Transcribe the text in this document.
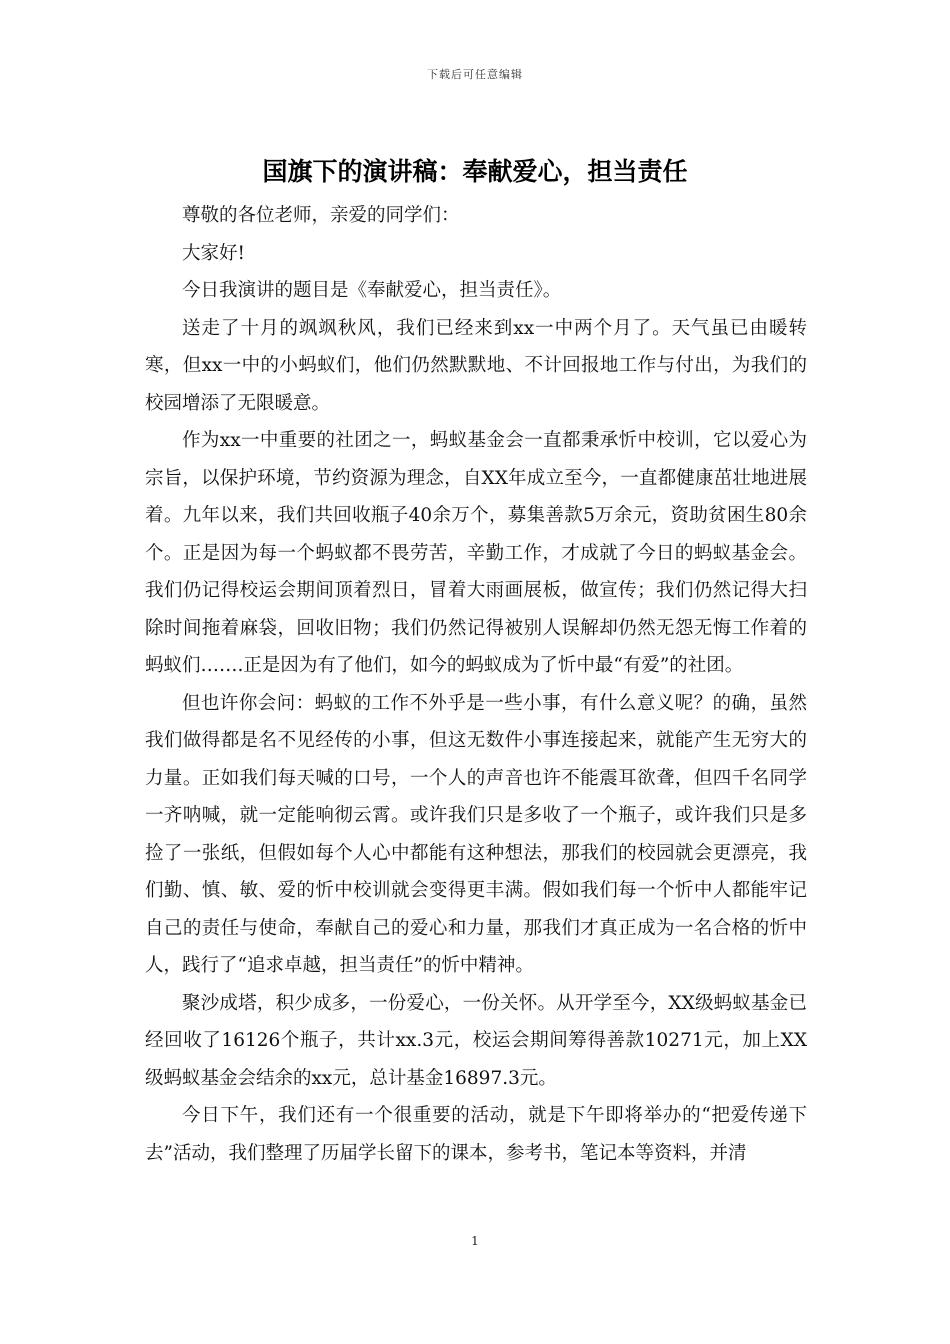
下载后可任意编辑
国旗下的演讲稿：奉献爱心，担当责任

尊敬的各位老师，亲爱的同学们：

大家好!

今日我演讲的题目是《奉献爱心，担当责任》。

送走了十月的飒飒秋风，我们已经来到xx一中两个月了。天气虽已由暖转寒，但xx一中的小蚂蚁们，他们仍然默默地、不计回报地工作与付出，为我们的校园增添了无限暖意。

作为xx一中重要的社团之一，蚂蚁基金会一直都秉承忻中校训，它以爱心为宗旨，以保护环境，节约资源为理念，自XX年成立至今，一直都健康茁壮地进展着。九年以来，我们共回收瓶子40余万个，募集善款5万余元，资助贫困生80余个。正是因为每一个蚂蚁都不畏劳苦，辛勤工作，才成就了今日的蚂蚁基金会。我们仍记得校运会期间顶着烈日，冒着大雨画展板，做宣传；我们仍然记得大扫除时间拖着麻袋，回收旧物；我们仍然记得被别人误解却仍然无怨无悔工作着的蚂蚁们…….正是因为有了他们，如今的蚂蚁成为了忻中最“有爱”的社团。

但也许你会问：蚂蚁的工作不外乎是一些小事，有什么意义呢？的确，虽然我们做得都是名不见经传的小事，但这无数件小事连接起来，就能产生无穷大的力量。正如我们每天喊的口号，一个人的声音也许不能震耳欲聋，但四千名同学一齐呐喊，就一定能响彻云霄。或许我们只是多收了一个瓶子，或许我们只是多捡了一张纸，但假如每个人心中都能有这种想法，那我们的校园就会更漂亮，我们勤、慎、敏、爱的忻中校训就会变得更丰满。假如我们每一个忻中人都能牢记自己的责任与使命，奉献自己的爱心和力量，那我们才真正成为一名合格的忻中人，践行了“追求卓越，担当责任”的忻中精神。

聚沙成塔，积少成多，一份爱心，一份关怀。从开学至今，XX级蚂蚁基金已经回收了16126个瓶子，共计xx.3元，校运会期间筹得善款10271元，加上XX级蚂蚁基金会结余的xx元，总计基金16897.3元。

今日下午，我们还有一个很重要的活动，就是下午即将举办的“把爱传递下去”活动，我们整理了历届学长留下的课本，参考书，笔记本等资料，并清

1
